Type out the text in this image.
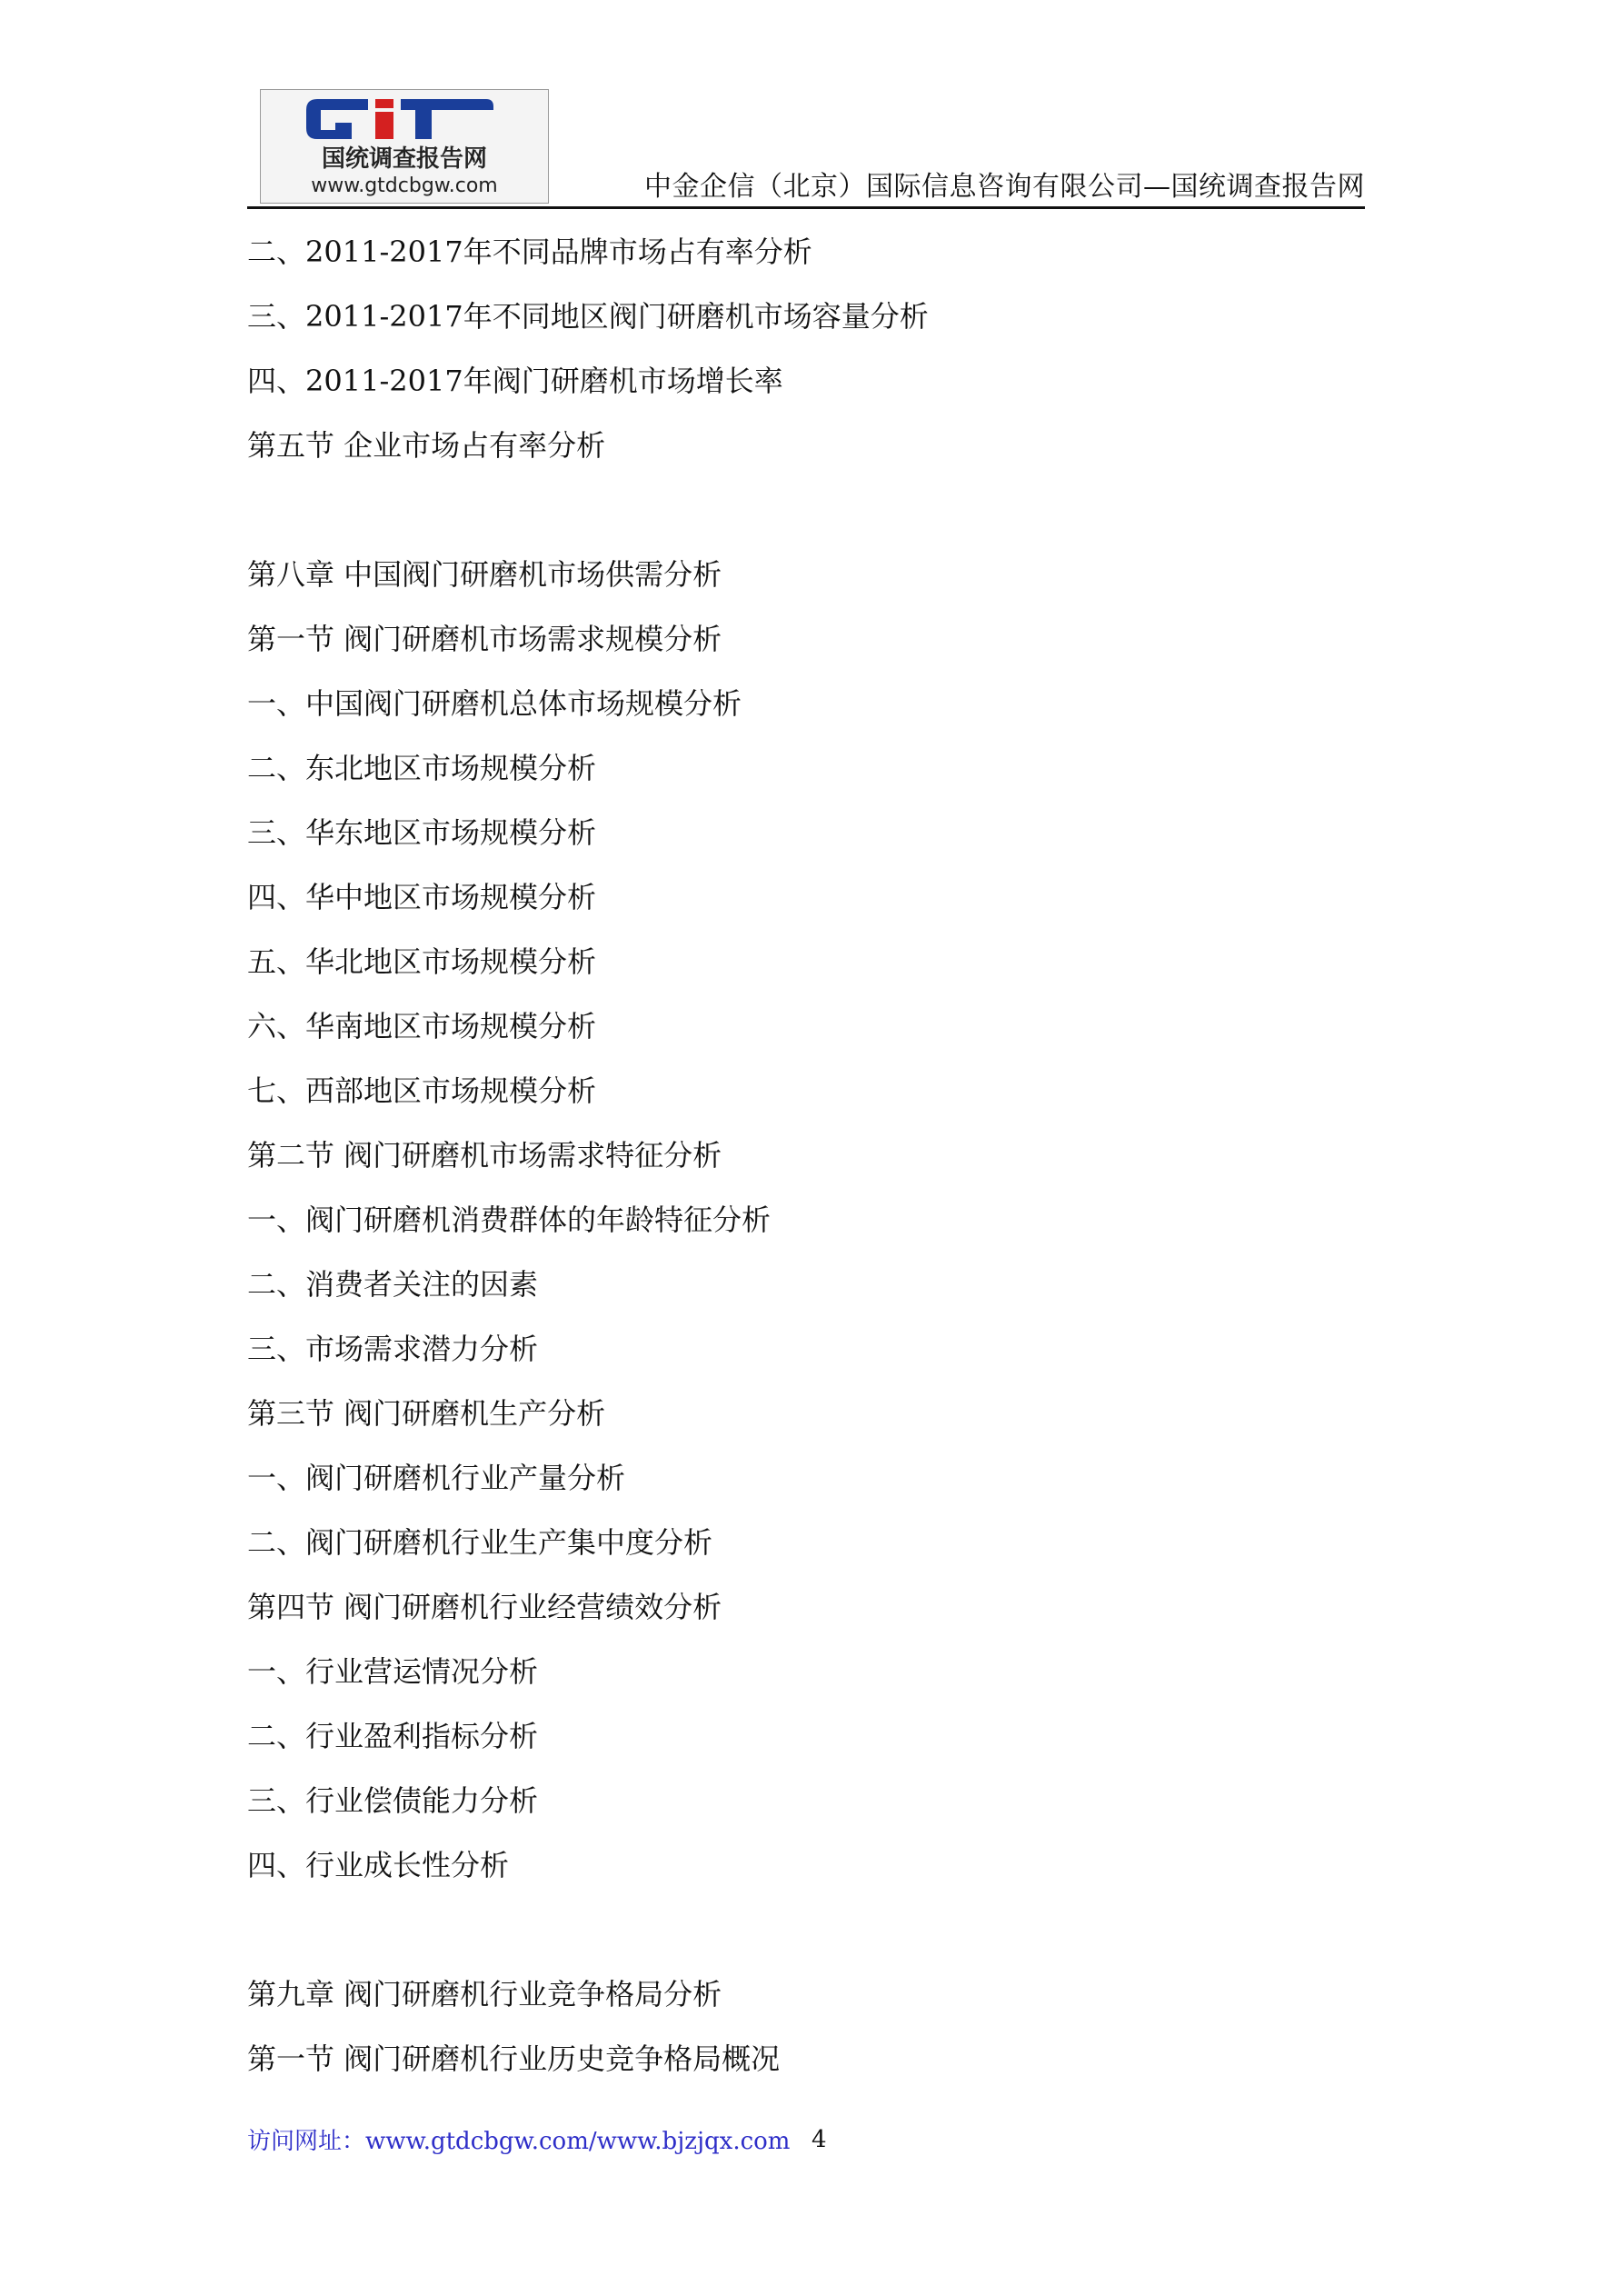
国统调查报告网
www.gtdcbgw.com	中金企信（北京）国际信息咨询有限公司—国统调查报告网
二、2011-2017年不同品牌市场占有率分析
三、2011-2017年不同地区阀门研磨机市场容量分析
四、2011-2017年阀门研磨机市场增长率
第五节 企业市场占有率分析
第八章 中国阀门研磨机市场供需分析
第一节 阀门研磨机市场需求规模分析
一、中国阀门研磨机总体市场规模分析
二、东北地区市场规模分析
三、华东地区市场规模分析
四、华中地区市场规模分析
五、华北地区市场规模分析
六、华南地区市场规模分析
七、西部地区市场规模分析
第二节 阀门研磨机市场需求特征分析
一、阀门研磨机消费群体的年龄特征分析
二、消费者关注的因素
三、市场需求潜力分析
第三节 阀门研磨机生产分析
一、阀门研磨机行业产量分析
二、阀门研磨机行业生产集中度分析
第四节 阀门研磨机行业经营绩效分析
一、行业营运情况分析
二、行业盈利指标分析
三、行业偿债能力分析
四、行业成长性分析
第九章 阀门研磨机行业竞争格局分析
第一节 阀门研磨机行业历史竞争格局概况
访问网址：www.gtdcbgw.com/www.bjzjqx.com 4
